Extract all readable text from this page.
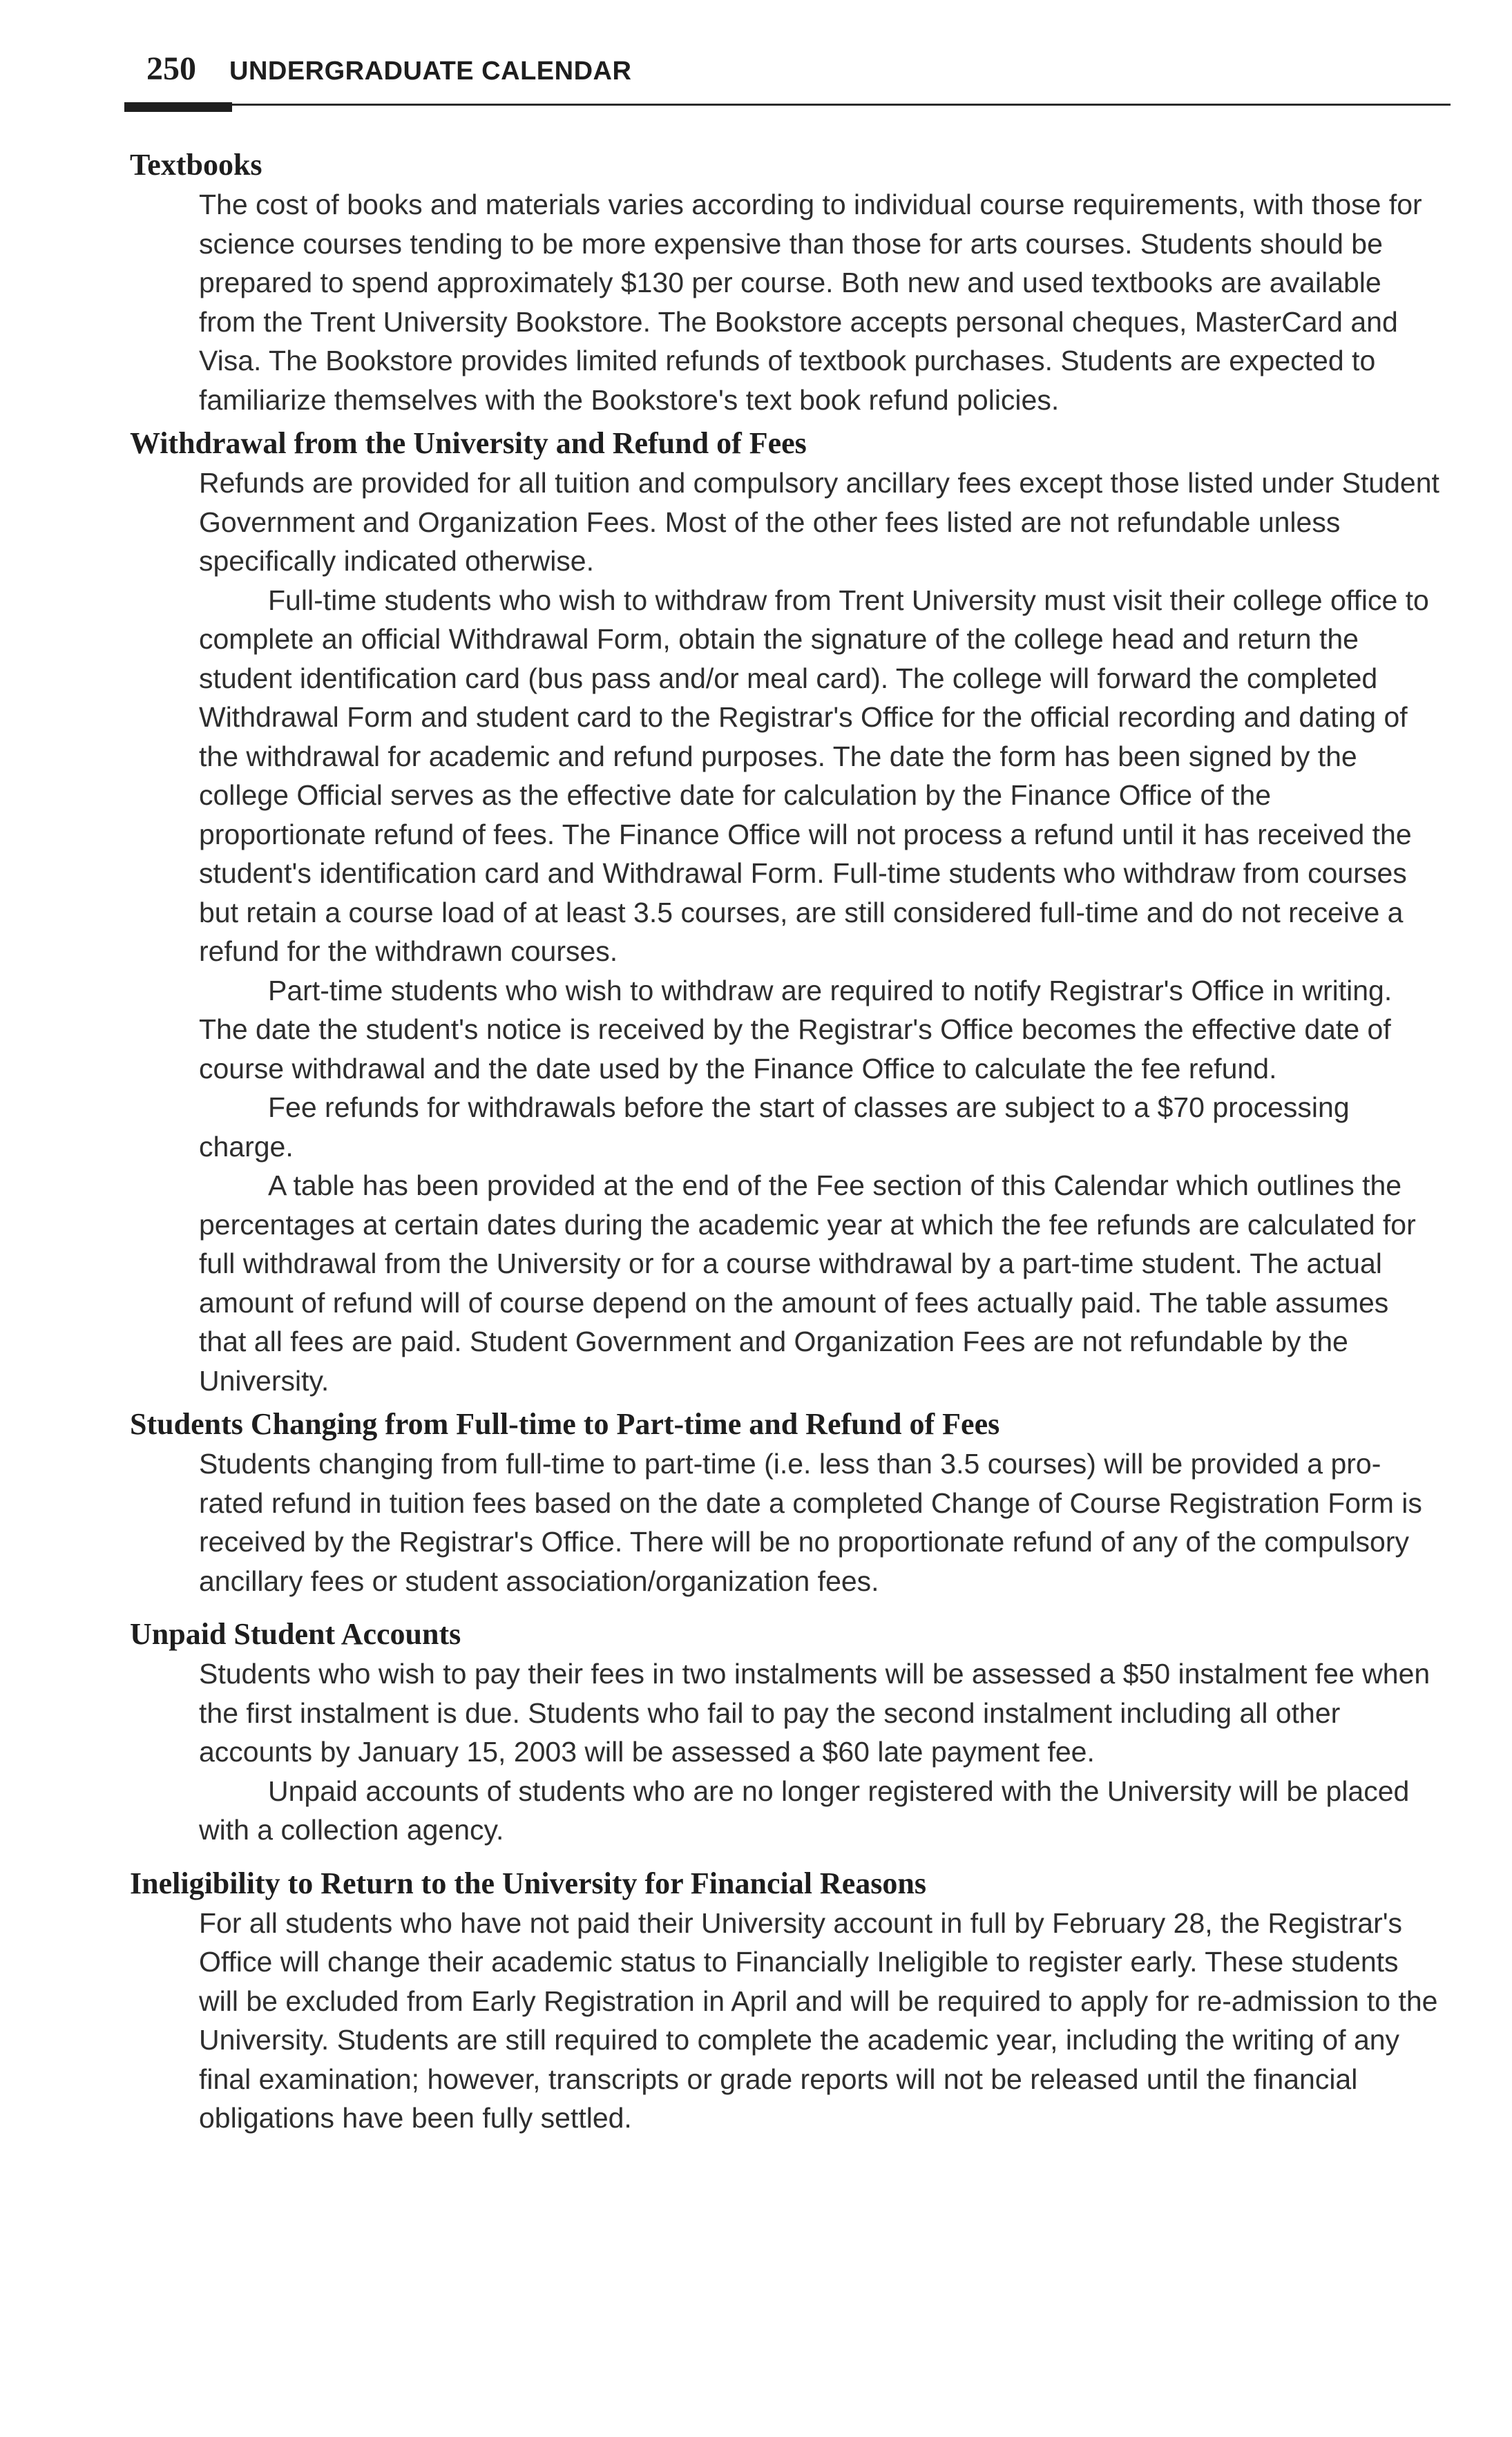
250 UNDERGRADUATE CALENDAR
Textbooks

The cost of books and materials varies according to individual course requirements, with those for science courses tending to be more expensive than those for arts courses. Students should be prepared to spend approximately $130 per course. Both new and used textbooks are available from the Trent University Bookstore. The Bookstore accepts personal cheques, MasterCard and Visa. The Bookstore provides limited refunds of textbook purchases. Students are expected to familiarize themselves with the Bookstore's text book refund policies.

Withdrawal from the University and Refund of Fees

Refunds are provided for all tuition and compulsory ancillary fees except those listed under Student Government and Organization Fees. Most of the other fees listed are not refundable unless specifically indicated otherwise.

Full-time students who wish to withdraw from Trent University must visit their college office to complete an official Withdrawal Form, obtain the signature of the college head and return the student identification card (bus pass and/or meal card). The college will forward the completed Withdrawal Form and student card to the Registrar's Office for the official recording and dating of the withdrawal for academic and refund purposes. The date the form has been signed by the college Official serves as the effective date for calculation by the Finance Office of the proportionate refund of fees. The Finance Office will not process a refund until it has received the student's identification card and Withdrawal Form. Full-time students who withdraw from courses but retain a course load of at least 3.5 courses, are still considered full-time and do not receive a refund for the withdrawn courses.

Part-time students who wish to withdraw are required to notify Registrar's Office in writing. The date the student's notice is received by the Registrar's Office becomes the effective date of course withdrawal and the date used by the Finance Office to calculate the fee refund.

Fee refunds for withdrawals before the start of classes are subject to a $70 processing charge.

A table has been provided at the end of the Fee section of this Calendar which outlines the percentages at certain dates during the academic year at which the fee refunds are calculated for full withdrawal from the University or for a course withdrawal by a part-time student. The actual amount of refund will of course depend on the amount of fees actually paid. The table assumes that all fees are paid. Student Government and Organization Fees are not refundable by the University.

Students Changing from Full-time to Part-time and Refund of Fees

Students changing from full-time to part-time (i.e. less than 3.5 courses) will be provided a pro-rated refund in tuition fees based on the date a completed Change of Course Registration Form is received by the Registrar's Office. There will be no proportionate refund of any of the compulsory ancillary fees or student association/organization fees.

Unpaid Student Accounts

Students who wish to pay their fees in two instalments will be assessed a $50 instalment fee when the first instalment is due. Students who fail to pay the second instalment including all other accounts by January 15, 2003 will be assessed a $60 late payment fee.

Unpaid accounts of students who are no longer registered with the University will be placed with a collection agency.

Ineligibility to Return to the University for Financial Reasons

For all students who have not paid their University account in full by February 28, the Registrar's Office will change their academic status to Financially Ineligible to register early. These students will be excluded from Early Registration in April and will be required to apply for re-admission to the University. Students are still required to complete the academic year, including the writing of any final examination; however, transcripts or grade reports will not be released until the financial obligations have been fully settled.
